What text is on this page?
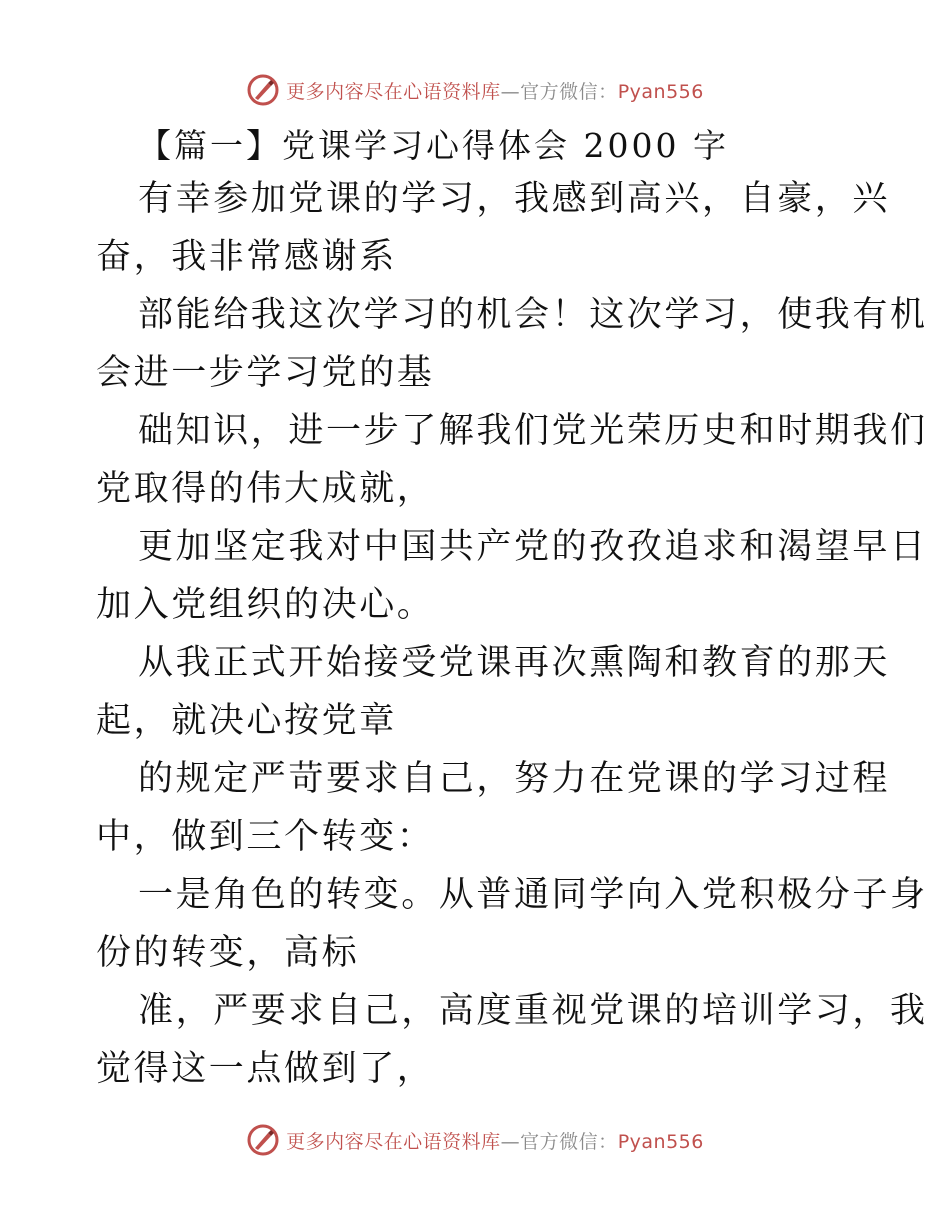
更多内容尽在心语资料库—官方微信：Pyan556
【篇一】党课学习心得体会 2000 字

有幸参加党课的学习，我感到高兴，自豪，兴
奋，我非常感谢系

部能给我这次学习的机会！这次学习，使我有机
会进一步学习党的基

础知识，进一步了解我们党光荣历史和时期我们
党取得的伟大成就，

更加坚定我对中国共产党的孜孜追求和渴望早日
加入党组织的决心。

从我正式开始接受党课再次熏陶和教育的那天
起，就决心按党章

的规定严苛要求自己，努力在党课的学习过程
中，做到三个转变：

一是角色的转变。从普通同学向入党积极分子身
份的转变，高标

准，严要求自己，高度重视党课的培训学习，我
觉得这一点做到了，

更多内容尽在心语资料库—官方微信：Pyan556
